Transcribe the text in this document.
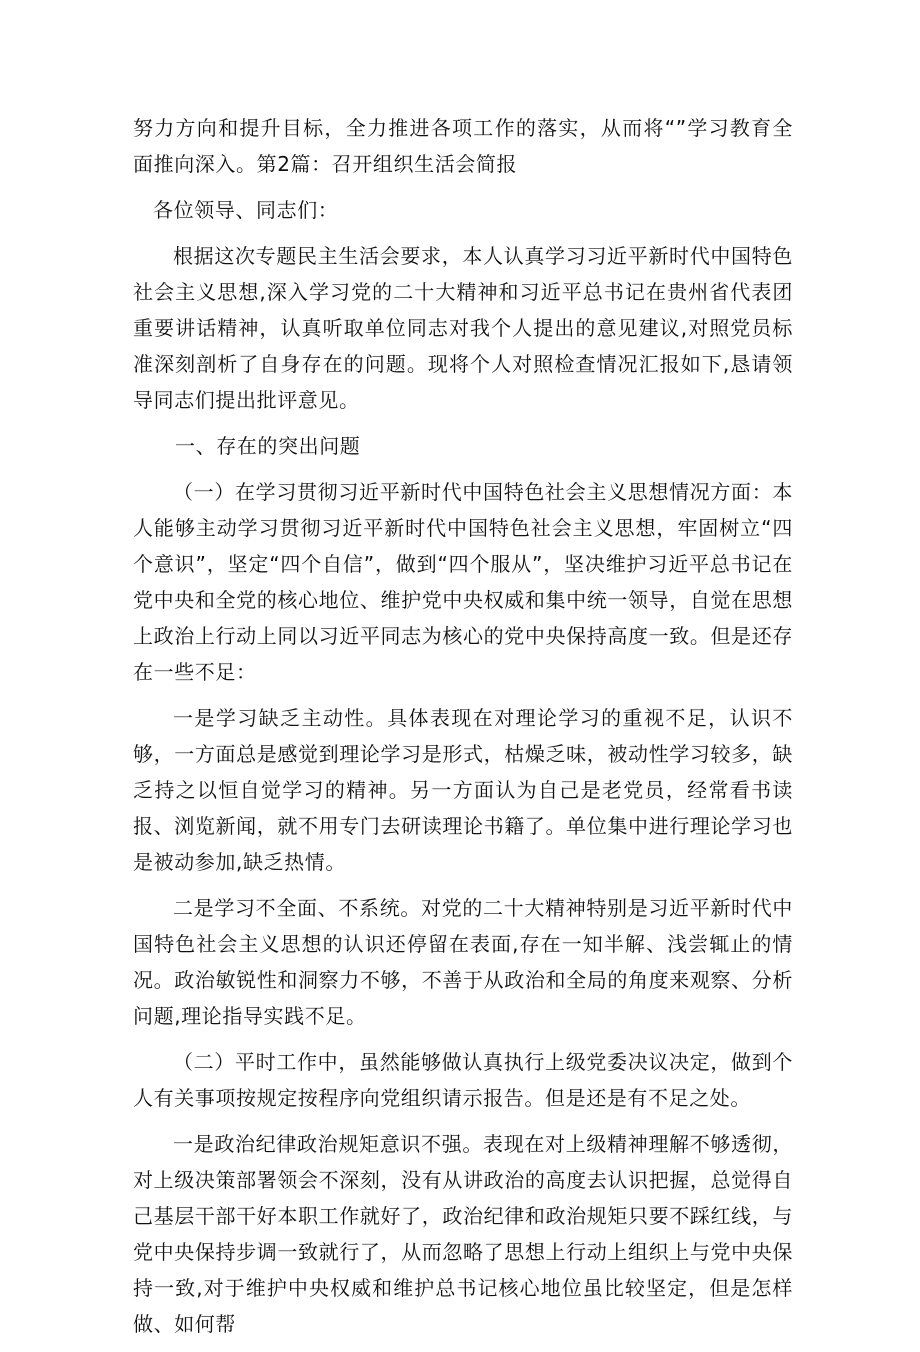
努力方向和提升目标，全力推进各项工作的落实，从而将“”学习教育全面推向深入。第2篇：召开组织生活会简报

各位领导、同志们：

根据这次专题民主生活会要求，本人认真学习习近平新时代中国特色社会主义思想,深入学习党的二十大精神和习近平总书记在贵州省代表团重要讲话精神，认真听取单位同志对我个人提出的意见建议,对照党员标准深刻剖析了自身存在的问题。现将个人对照检查情况汇报如下,恳请领导同志们提出批评意见。

一、存在的突出问题

（一）在学习贯彻习近平新时代中国特色社会主义思想情况方面：本人能够主动学习贯彻习近平新时代中国特色社会主义思想，牢固树立“四个意识”，坚定“四个自信”，做到“四个服从”，坚决维护习近平总书记在党中央和全党的核心地位、维护党中央权威和集中统一领导，自觉在思想上政治上行动上同以习近平同志为核心的党中央保持高度一致。但是还存在一些不足：

一是学习缺乏主动性。具体表现在对理论学习的重视不足，认识不够，一方面总是感觉到理论学习是形式，枯燥乏味，被动性学习较多，缺乏持之以恒自觉学习的精神。另一方面认为自己是老党员，经常看书读报、浏览新闻，就不用专门去研读理论书籍了。单位集中进行理论学习也是被动参加,缺乏热情。

二是学习不全面、不系统。对党的二十大精神特别是习近平新时代中国特色社会主义思想的认识还停留在表面,存在一知半解、浅尝辄止的情况。政治敏锐性和洞察力不够，不善于从政治和全局的角度来观察、分析问题,理论指导实践不足。

（二）平时工作中，虽然能够做认真执行上级党委决议决定，做到个人有关事项按规定按程序向党组织请示报告。但是还是有不足之处。

一是政治纪律政治规矩意识不强。表现在对上级精神理解不够透彻，对上级决策部署领会不深刻，没有从讲政治的高度去认识把握，总觉得自己基层干部干好本职工作就好了，政治纪律和政治规矩只要不踩红线，与党中央保持步调一致就行了，从而忽略了思想上行动上组织上与党中央保持一致,对于维护中央权威和维护总书记核心地位虽比较坚定，但是怎样做、如何帮
